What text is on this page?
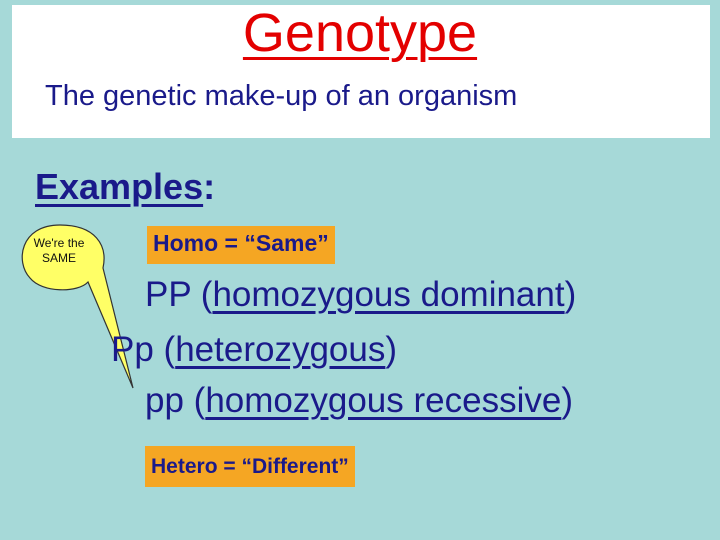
Genotype
The genetic make-up of an organism
Examples:
We're the SAME
Homo = “Same”
PP (homozygous dominant)
Pp (heterozygous)
pp (homozygous recessive)
Hetero = “Different”
